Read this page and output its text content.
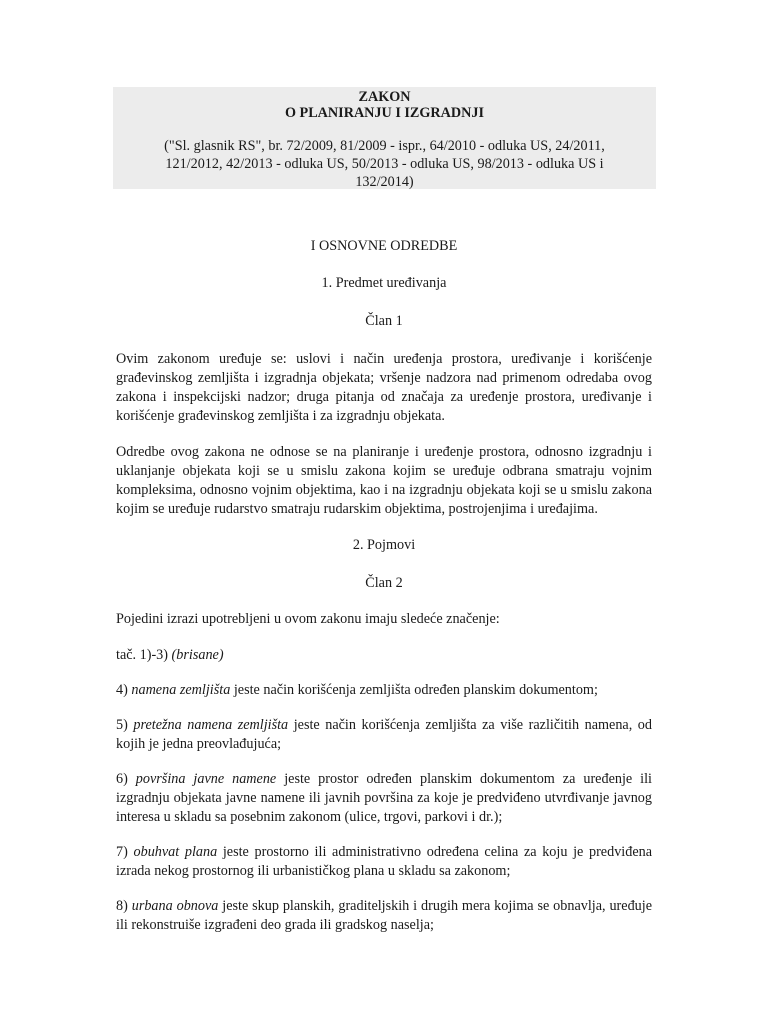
ZAKON
O PLANIRANJU I IZGRADNJI
("Sl. glasnik RS", br. 72/2009, 81/2009 - ispr., 64/2010 - odluka US, 24/2011, 121/2012, 42/2013 - odluka US, 50/2013 - odluka US, 98/2013 - odluka US i 132/2014)
I OSNOVNE ODREDBE
1. Predmet uređivanja
Član 1

Ovim zakonom uređuje se: uslovi i način uređenja prostora, uređivanje i korišćenje građevinskog zemljišta i izgradnja objekata; vršenje nadzora nad primenom odredaba ovog zakona i inspekcijski nadzor; druga pitanja od značaja za uređenje prostora, uređivanje i korišćenje građevinskog zemljišta i za izgradnju objekata.

Odredbe ovog zakona ne odnose se na planiranje i uređenje prostora, odnosno izgradnju i uklanjanje objekata koji se u smislu zakona kojim se uređuje odbrana smatraju vojnim kompleksima, odnosno vojnim objektima, kao i na izgradnju objekata koji se u smislu zakona kojim se uređuje rudarstvo smatraju rudarskim objektima, postrojenjima i uređajima.

2. Pojmovi
Član 2

Pojedini izrazi upotrebljeni u ovom zakonu imaju sledeće značenje:

tač. 1)-3) (brisane)

4) namena zemljišta jeste način korišćenja zemljišta određen planskim dokumentom;

5) pretežna namena zemljišta jeste način korišćenja zemljišta za više različitih namena, od kojih je jedna preovlađujuća;

6) površina javne namene jeste prostor određen planskim dokumentom za uređenje ili izgradnju objekata javne namene ili javnih površina za koje je predviđeno utvrđivanje javnog interesa u skladu sa posebnim zakonom (ulice, trgovi, parkovi i dr.);

7) obuhvat plana jeste prostorno ili administrativno određena celina za koju je predviđena izrada nekog prostornog ili urbanističkog plana u skladu sa zakonom;

8) urbana obnova jeste skup planskih, graditeljskih i drugih mera kojima se obnavlja, uređuje ili rekonstruiše izgrađeni deo grada ili gradskog naselja;
